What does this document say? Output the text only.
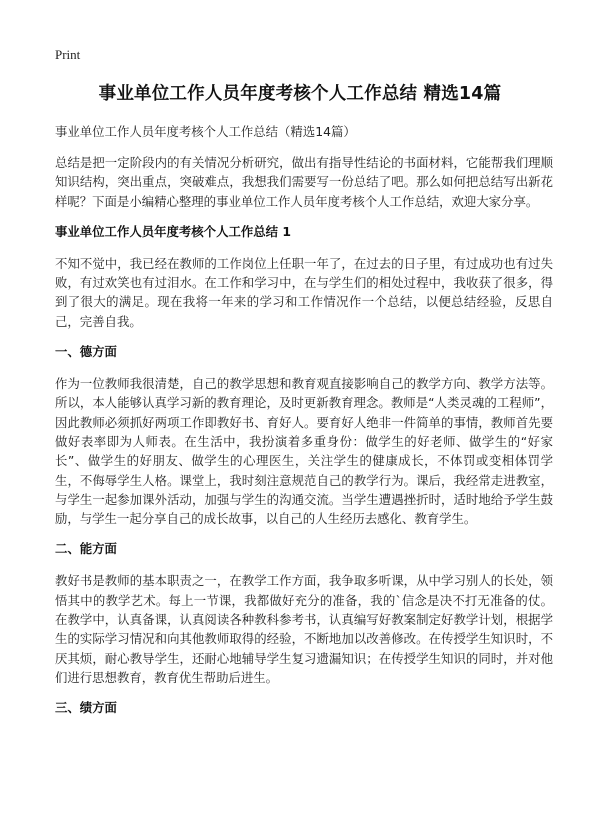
Print
事业单位工作人员年度考核个人工作总结 精选14篇

事业单位工作人员年度考核个人工作总结（精选14篇）

总结是把一定阶段内的有关情况分析研究，做出有指导性结论的书面材料，它能帮我们理顺知识结构，突出重点，突破难点，我想我们需要写一份总结了吧。那么如何把总结写出新花样呢？下面是小编精心整理的事业单位工作人员年度考核个人工作总结，欢迎大家分享。

事业单位工作人员年度考核个人工作总结 1

不知不觉中，我已经在教师的工作岗位上任职一年了，在过去的日子里，有过成功也有过失败，有过欢笑也有过泪水。在工作和学习中，在与学生们的相处过程中，我收获了很多，得到了很大的满足。现在我将一年来的学习和工作情况作一个总结，以便总结经验，反思自己，完善自我。

一、德方面

作为一位教师我很清楚，自己的教学思想和教育观直接影响自己的教学方向、教学方法等。所以，本人能够认真学习新的教育理论，及时更新教育理念。教师是“人类灵魂的工程师”，因此教师必须抓好两项工作即教好书、育好人。要育好人绝非一件简单的事情，教师首先要做好表率即为人师表。在生活中，我扮演着多重身份：做学生的好老师、做学生的“好家长”、做学生的好朋友、做学生的心理医生，关注学生的健康成长，不体罚或变相体罚学生，不侮辱学生人格。课堂上，我时刻注意规范自己的教学行为。课后，我经常走进教室，与学生一起参加课外活动，加强与学生的沟通交流。当学生遭遇挫折时，适时地给予学生鼓励，与学生一起分享自己的成长故事，以自己的人生经历去感化、教育学生。

二、能方面

教好书是教师的基本职责之一，在教学工作方面，我争取多听课，从中学习别人的长处，领悟其中的教学艺术。每上一节课，我都做好充分的准备，我的`信念是决不打无准备的仗。在教学中，认真备课，认真阅读各种教科参考书，认真编写好教案制定好教学计划，根据学生的实际学习情况和向其他教师取得的经验，不断地加以改善修改。在传授学生知识时，不厌其烦，耐心教导学生，还耐心地辅导学生复习遗漏知识；在传授学生知识的同时，并对他们进行思想教育，教育优生帮助后进生。

三、绩方面
